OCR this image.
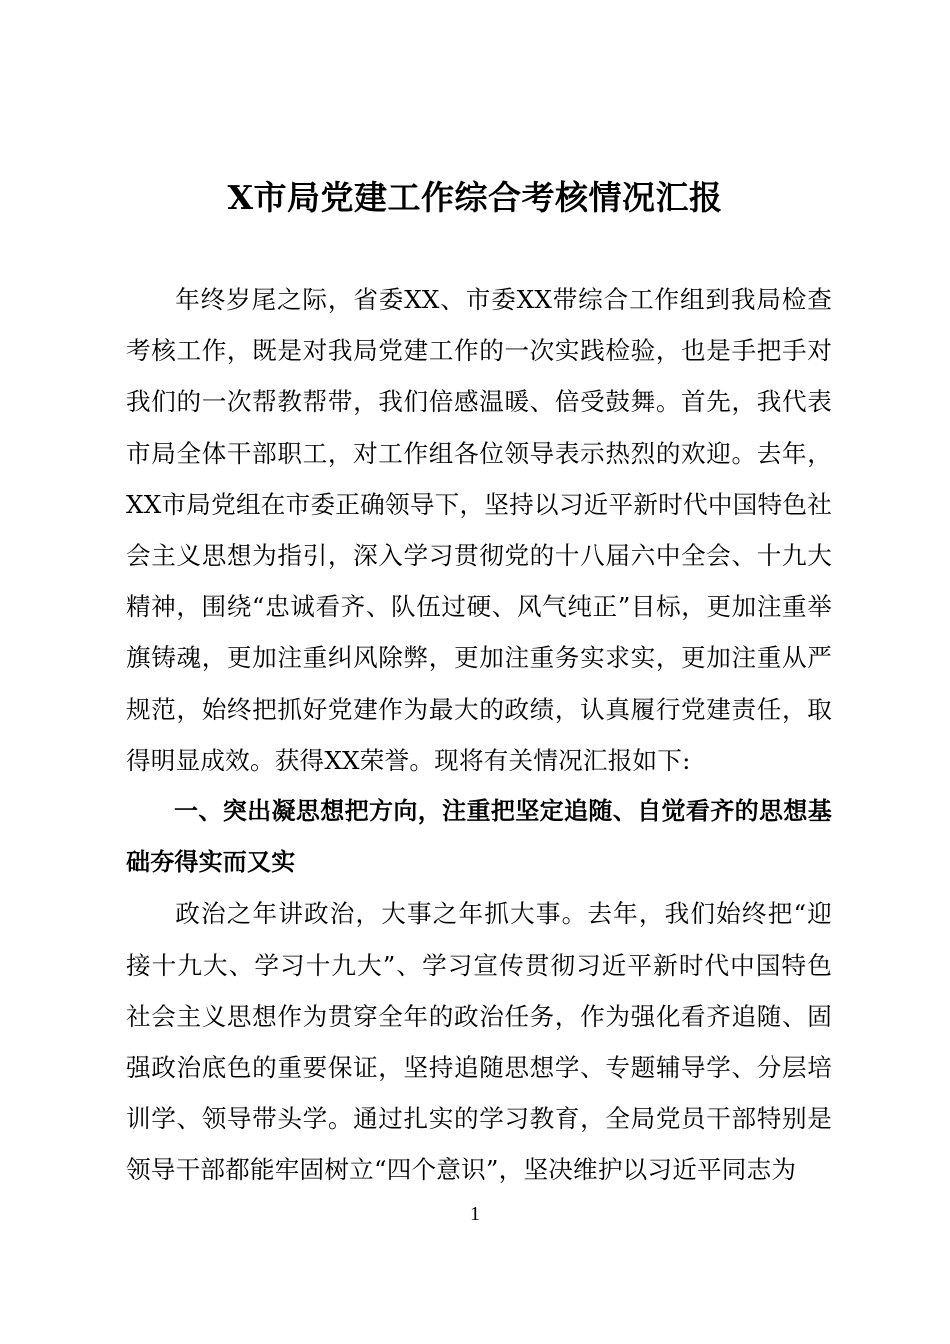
X市局党建工作综合考核情况汇报

年终岁尾之际，省委XX、市委XX带综合工作组到我局检查考核工作，既是对我局党建工作的一次实践检验，也是手把手对我们的一次帮教帮带，我们倍感温暖、倍受鼓舞。首先，我代表市局全体干部职工，对工作组各位领导表示热烈的欢迎。去年，XX市局党组在市委正确领导下，坚持以习近平新时代中国特色社会主义思想为指引，深入学习贯彻党的十八届六中全会、十九大精神，围绕“忠诚看齐、队伍过硬、风气纯正”目标，更加注重举旗铸魂，更加注重纠风除弊，更加注重务实求实，更加注重从严规范，始终把抓好党建作为最大的政绩，认真履行党建责任，取得明显成效。获得XX荣誉。现将有关情况汇报如下:

一、突出凝思想把方向，注重把坚定追随、自觉看齐的思想基础夯得实而又实

政治之年讲政治，大事之年抓大事。去年，我们始终把“迎接十九大、学习十九大”、学习宣传贯彻习近平新时代中国特色社会主义思想作为贯穿全年的政治任务，作为强化看齐追随、固强政治底色的重要保证，坚持追随思想学、专题辅导学、分层培训学、领导带头学。通过扎实的学习教育，全局党员干部特别是领导干部都能牢固树立“四个意识”，坚决维护以习近平同志为

1
